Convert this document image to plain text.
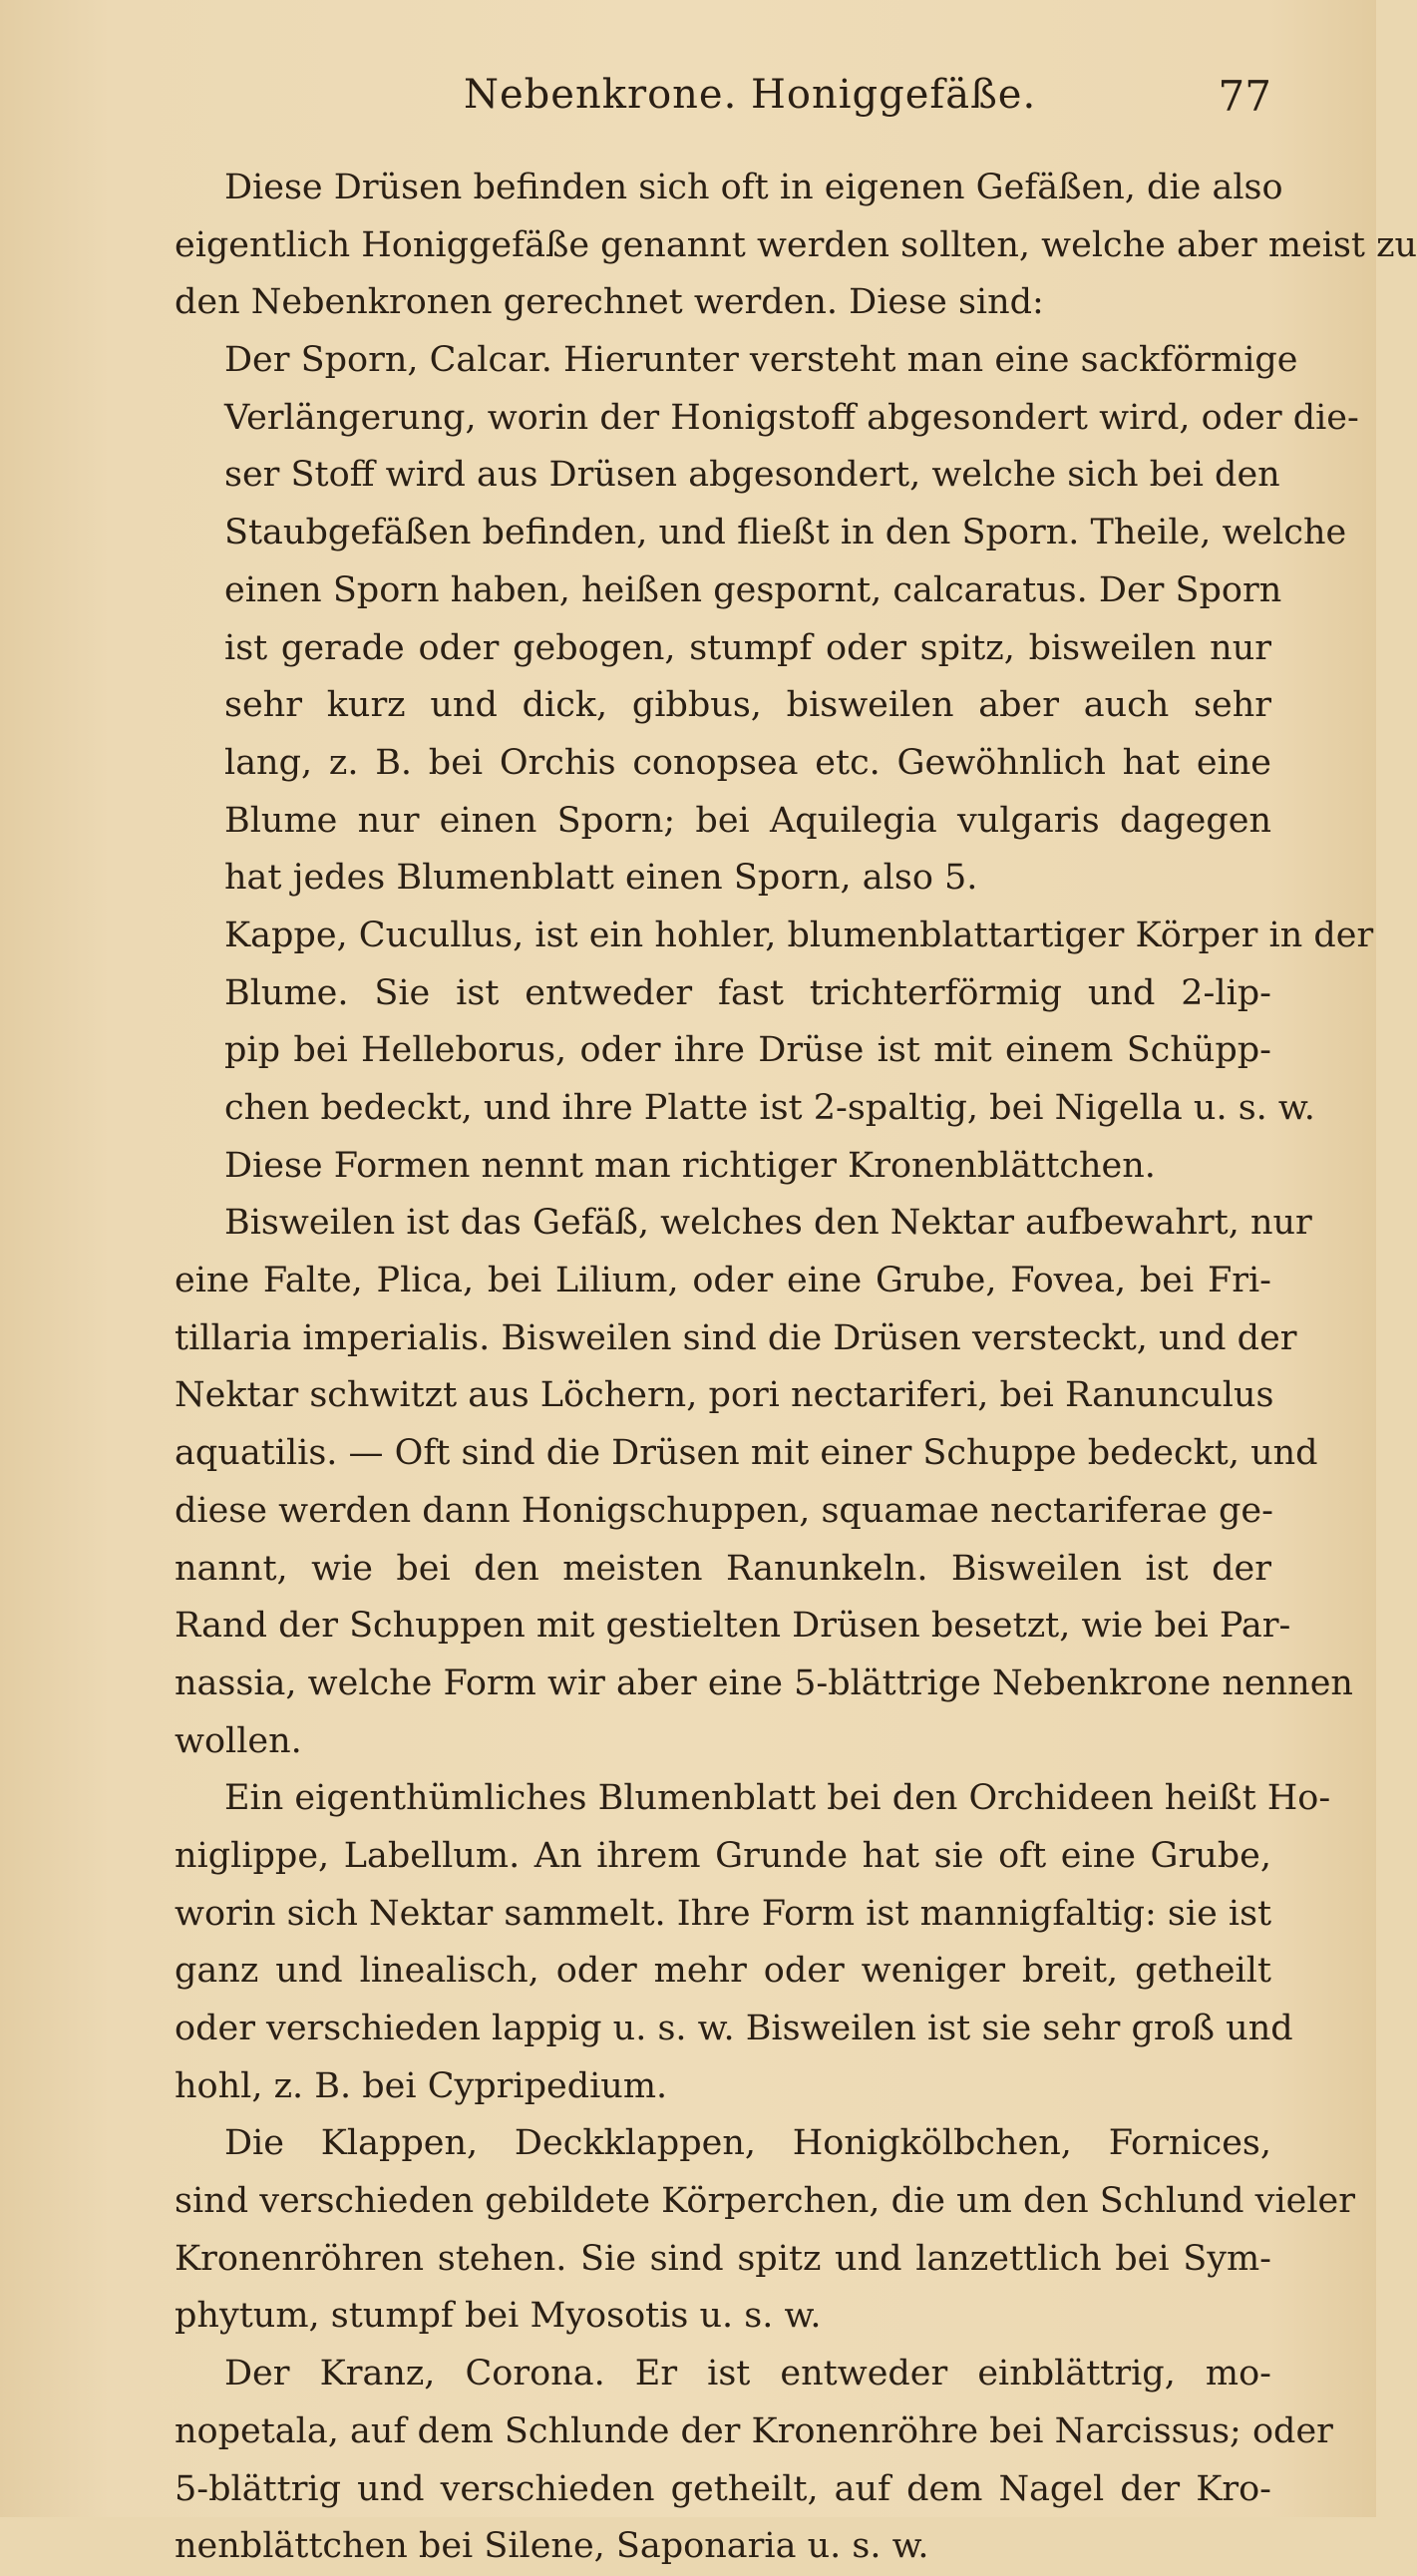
Nebenkrone. Honiggefäße.	77
Diese Drüsen befinden sich oft in eigenen Gefäßen, die also
eigentlich Honiggefäße genannt werden sollten, welche aber meist zu
den Nebenkronen gerechnet werden. Diese sind:
Der Sporn, Calcar. Hierunter versteht man eine sackförmige
Verlängerung, worin der Honigstoff abgesondert wird, oder die-
ser Stoff wird aus Drüsen abgesondert, welche sich bei den
Staubgefäßen befinden, und fließt in den Sporn. Theile, welche
einen Sporn haben, heißen gespornt, calcaratus. Der Sporn
ist gerade oder gebogen, stumpf oder spitz, bisweilen nur
sehr kurz und dick, gibbus, bisweilen aber auch sehr
lang, z. B. bei Orchis conopsea etc. Gewöhnlich hat eine
Blume nur einen Sporn; bei Aquilegia vulgaris dagegen
hat jedes Blumenblatt einen Sporn, also 5.
Kappe, Cucullus, ist ein hohler, blumenblattartiger Körper in der
Blume. Sie ist entweder fast trichterförmig und 2-lip-
pip bei Helleborus, oder ihre Drüse ist mit einem Schüpp-
chen bedeckt, und ihre Platte ist 2-spaltig, bei Nigella u. s. w.
Diese Formen nennt man richtiger Kronenblättchen.
Bisweilen ist das Gefäß, welches den Nektar aufbewahrt, nur
eine Falte, Plica, bei Lilium, oder eine Grube, Fovea, bei Fri-
tillaria imperialis. Bisweilen sind die Drüsen versteckt, und der
Nektar schwitzt aus Löchern, pori nectariferi, bei Ranunculus
aquatilis. — Oft sind die Drüsen mit einer Schuppe bedeckt, und
diese werden dann Honigschuppen, squamae nectariferae ge-
nannt, wie bei den meisten Ranunkeln. Bisweilen ist der
Rand der Schuppen mit gestielten Drüsen besetzt, wie bei Par-
nassia, welche Form wir aber eine 5-blättrige Nebenkrone nennen
wollen.
Ein eigenthümliches Blumenblatt bei den Orchideen heißt Ho-
niglippe, Labellum. An ihrem Grunde hat sie oft eine Grube,
worin sich Nektar sammelt. Ihre Form ist mannigfaltig: sie ist
ganz und linealisch, oder mehr oder weniger breit, getheilt
oder verschieden lappig u. s. w. Bisweilen ist sie sehr groß und
hohl, z. B. bei Cypripedium.
Die Klappen, Deckklappen, Honigkölbchen, Fornices,
sind verschieden gebildete Körperchen, die um den Schlund vieler
Kronenröhren stehen. Sie sind spitz und lanzettlich bei Sym-
phytum, stumpf bei Myosotis u. s. w.
Der Kranz, Corona. Er ist entweder einblättrig, mo-
nopetala, auf dem Schlunde der Kronenröhre bei Narcissus; oder
5-blättrig und verschieden getheilt, auf dem Nagel der Kro-
nenblättchen bei Silene, Saponaria u. s. w.
